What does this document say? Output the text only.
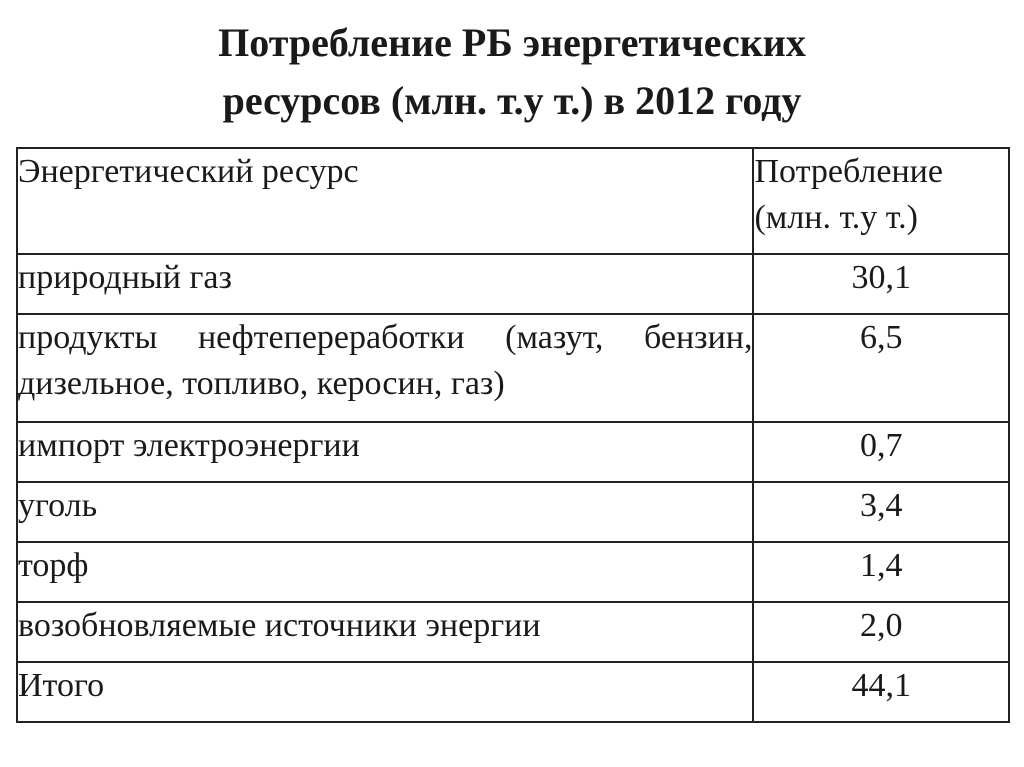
Потребление РБ энергетических
ресурсов (млн. т.у т.) в 2012 году
Энергетический ресурс	Потребление
(млн. т.у т.)

природный газ	30,1
продукты нефтепереработки (мазут, бензин, дизельное, топливо, керосин, газ)	6,5
импорт электроэнергии	0,7
уголь	3,4
торф	1,4
возобновляемые источники энергии	2,0
Итого	44,1
